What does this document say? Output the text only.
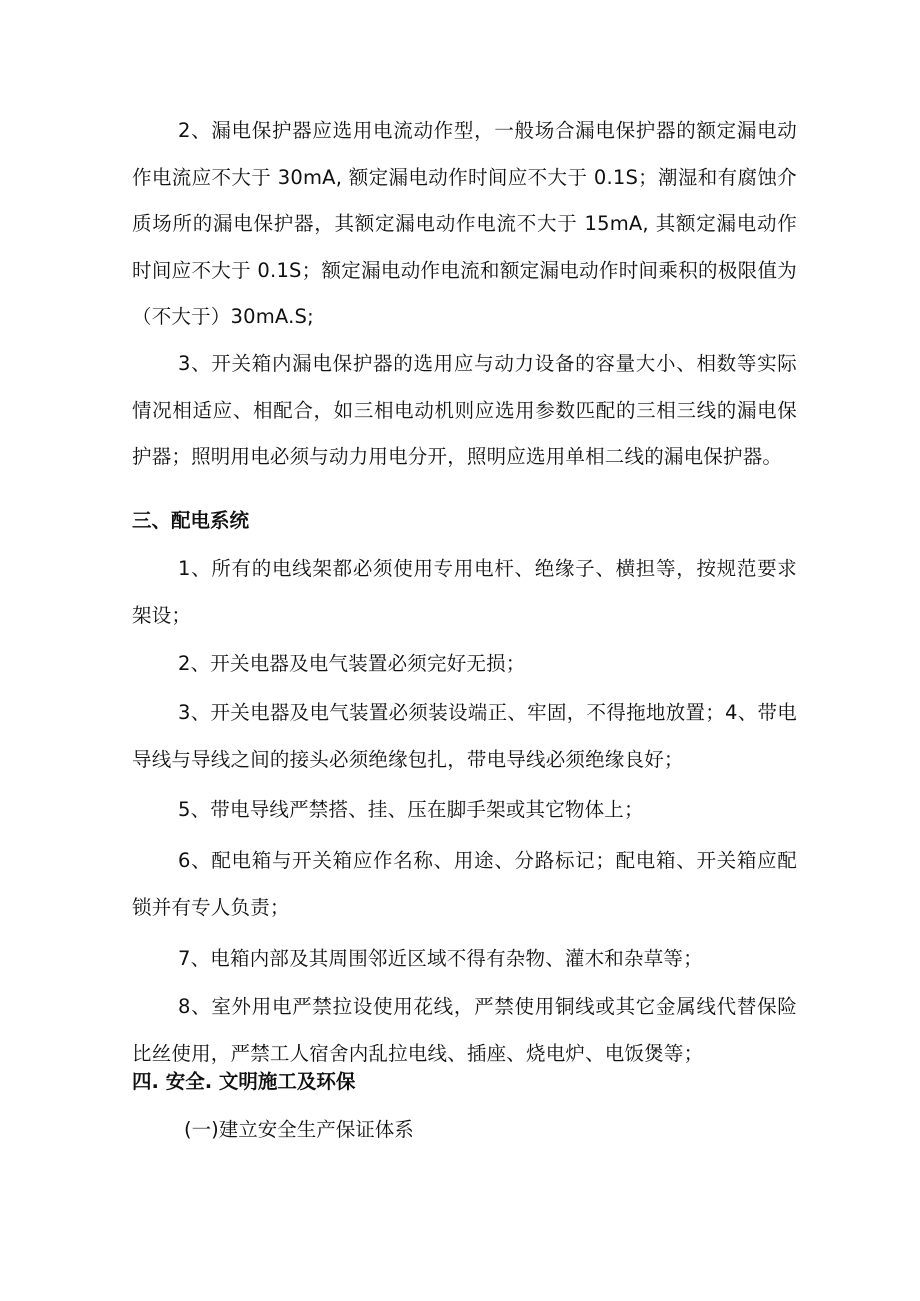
2、漏电保护器应选用电流动作型，一般场合漏电保护器的额定漏电动作电流应不大于 30mA, 额定漏电动作时间应不大于 0.1S；潮湿和有腐蚀介质场所的漏电保护器，其额定漏电动作电流不大于 15mA, 其额定漏电动作时间应不大于 0.1S；额定漏电动作电流和额定漏电动作时间乘积的极限值为（不大于）30mA.S;

3、开关箱内漏电保护器的选用应与动力设备的容量大小、相数等实际情况相适应、相配合，如三相电动机则应选用参数匹配的三相三线的漏电保护器；照明用电必须与动力用电分开，照明应选用单相二线的漏电保护器。

三、配电系统

1、所有的电线架都必须使用专用电杆、绝缘子、横担等，按规范要求架设；

2、开关电器及电气装置必须完好无损；

3、开关电器及电气装置必须装设端正、牢固，不得拖地放置；4、带电导线与导线之间的接头必须绝缘包扎，带电导线必须绝缘良好；

5、带电导线严禁搭、挂、压在脚手架或其它物体上；

6、配电箱与开关箱应作名称、用途、分路标记；配电箱、开关箱应配锁并有专人负责；

7、电箱内部及其周围邻近区域不得有杂物、灌木和杂草等；

8、室外用电严禁拉设使用花线，严禁使用铜线或其它金属线代替保险比丝使用，严禁工人宿舍内乱拉电线、插座、烧电炉、电饭煲等；

四. 安全. 文明施工及环保

(一)建立安全生产保证体系
